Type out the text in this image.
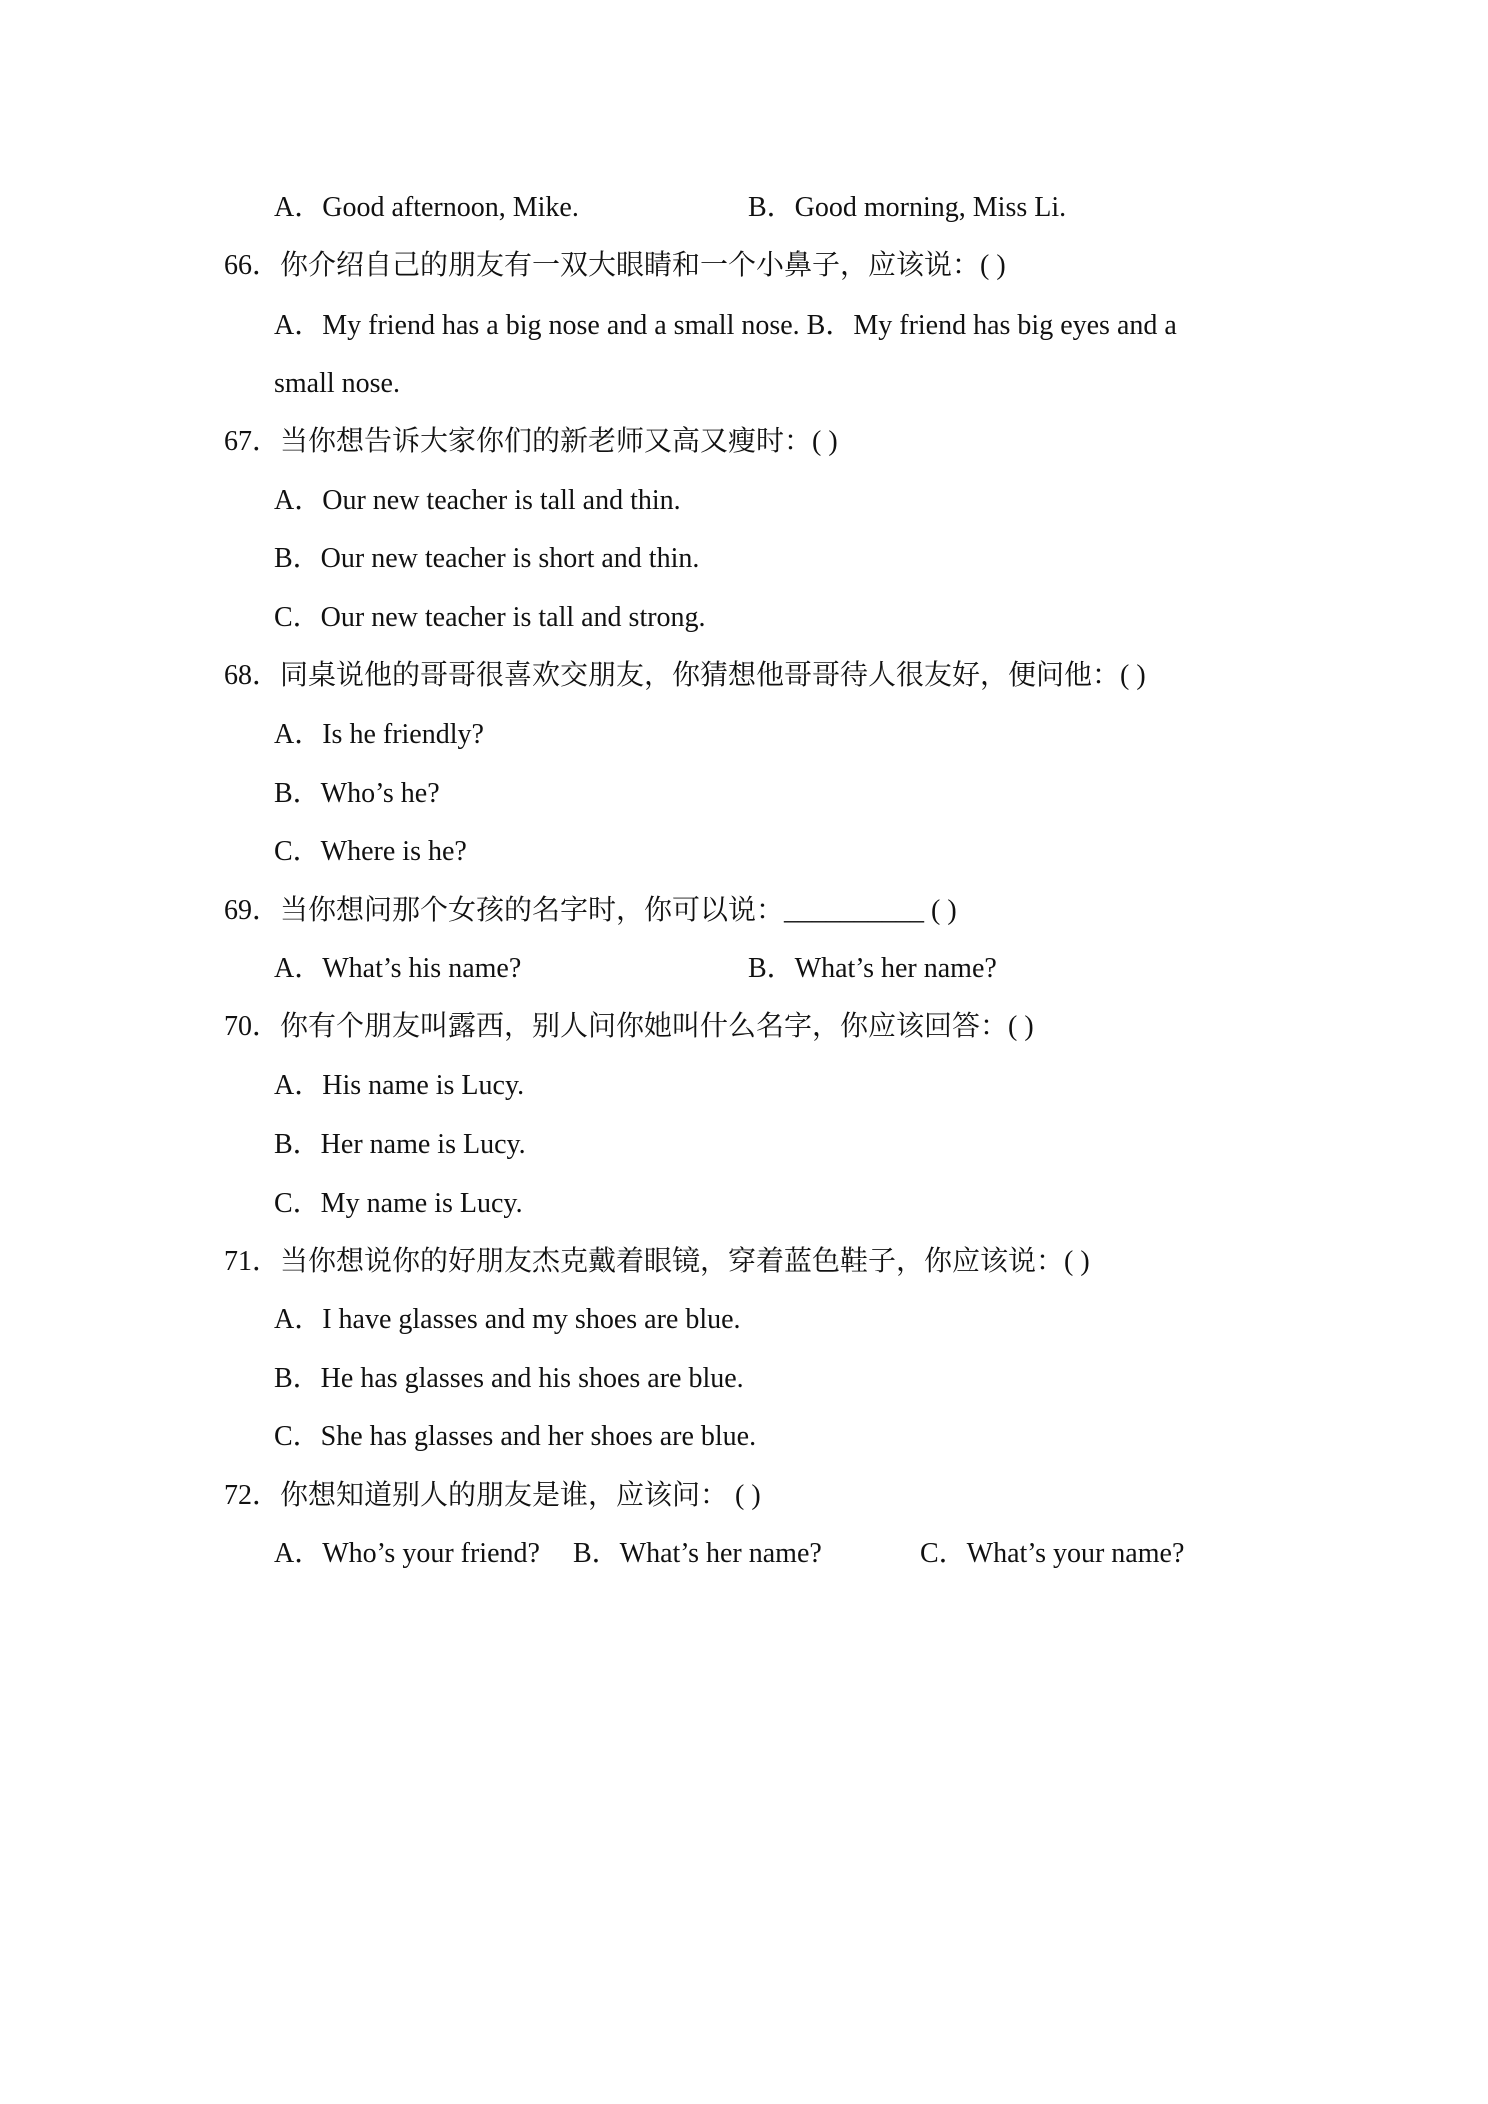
A．Good afternoon, Mike.	B．Good morning, Miss Li.
66．你介绍自己的朋友有一双大眼睛和一个小鼻子，应该说：( )
A．My friend has a big nose and a small nose. B．My friend has big eyes and a
small nose.
67．当你想告诉大家你们的新老师又高又瘦时：( )
A．Our new teacher is tall and thin.
B．Our new teacher is short and thin.
C．Our new teacher is tall and strong.
68．同桌说他的哥哥很喜欢交朋友，你猜想他哥哥待人很友好，便问他：( )
A．Is he friendly?
B．Who’s he?
C．Where is he?
69．当你想问那个女孩的名字时，你可以说：__________ ( )
A．What’s his name?	B．What’s her name?
70．你有个朋友叫露西，别人问你她叫什么名字，你应该回答：( )
A．His name is Lucy.
B．Her name is Lucy.
C．My name is Lucy.
71．当你想说你的好朋友杰克戴着眼镜，穿着蓝色鞋子，你应该说：( )
A．I have glasses and my shoes are blue.
B．He has glasses and his shoes are blue.
C．She has glasses and her shoes are blue.
72．你想知道别人的朋友是谁，应该问： ( )
A．Who’s your friend? B．What’s her name?	C．What’s your name?
